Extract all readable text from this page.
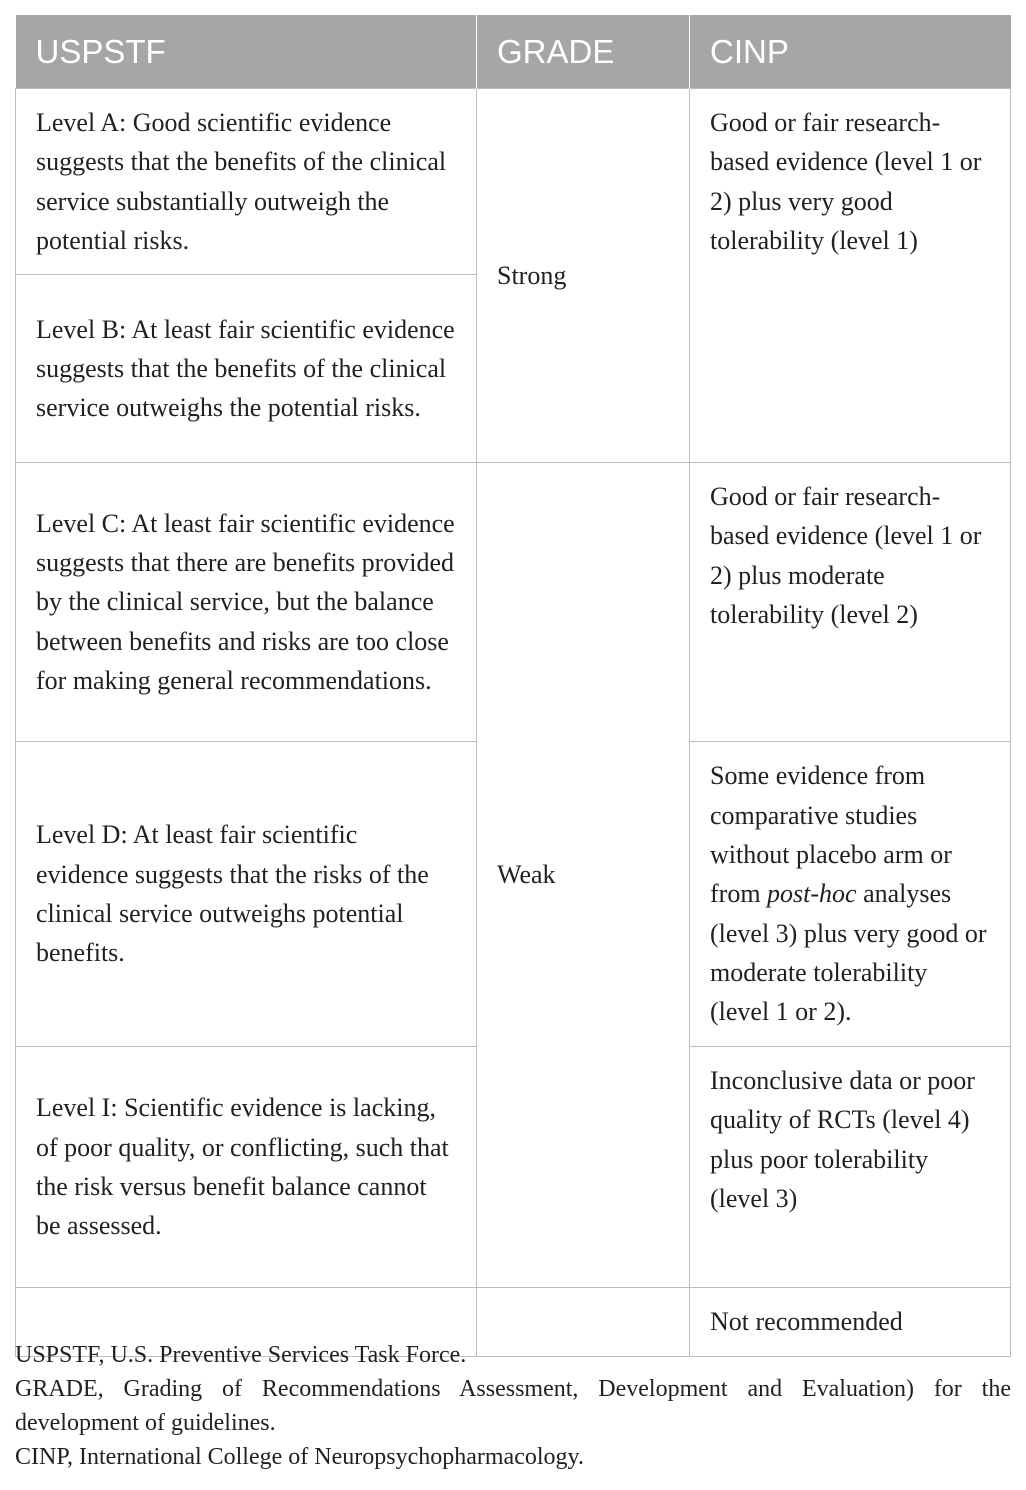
USPSTF	GRADE	CINP
Level A: Good scientific evidence suggests that the benefits of the clinical service substantially outweigh the potential risks.	Strong	Good or fair research-based evidence (level 1 or 2) plus very good tolerability (level 1)
Level B: At least fair scientific evidence suggests that the benefits of the clinical service outweighs the potential risks.		
Level C: At least fair scientific evidence suggests that there are benefits provided by the clinical service, but the balance between benefits and risks are too close for making general recommendations.	Weak	Good or fair research-based evidence (level 1 or 2) plus moderate tolerability (level 2)
Level D: At least fair scientific evidence suggests that the risks of the clinical service outweighs potential benefits.		Some evidence from comparative studies without placebo arm or from post-hoc analyses (level 3) plus very good or moderate tolerability (level 1 or 2).
Level I: Scientific evidence is lacking, of poor quality, or conflicting, such that the risk versus benefit balance cannot be assessed.		Inconclusive data or poor quality of RCTs (level 4) plus poor tolerability (level 3)
		Not recommended

USPSTF, U.S. Preventive Services Task Force.

GRADE, Grading of Recommendations Assessment, Development and Evaluation) for the development of guidelines.

CINP, International College of Neuropsychopharmacology.
